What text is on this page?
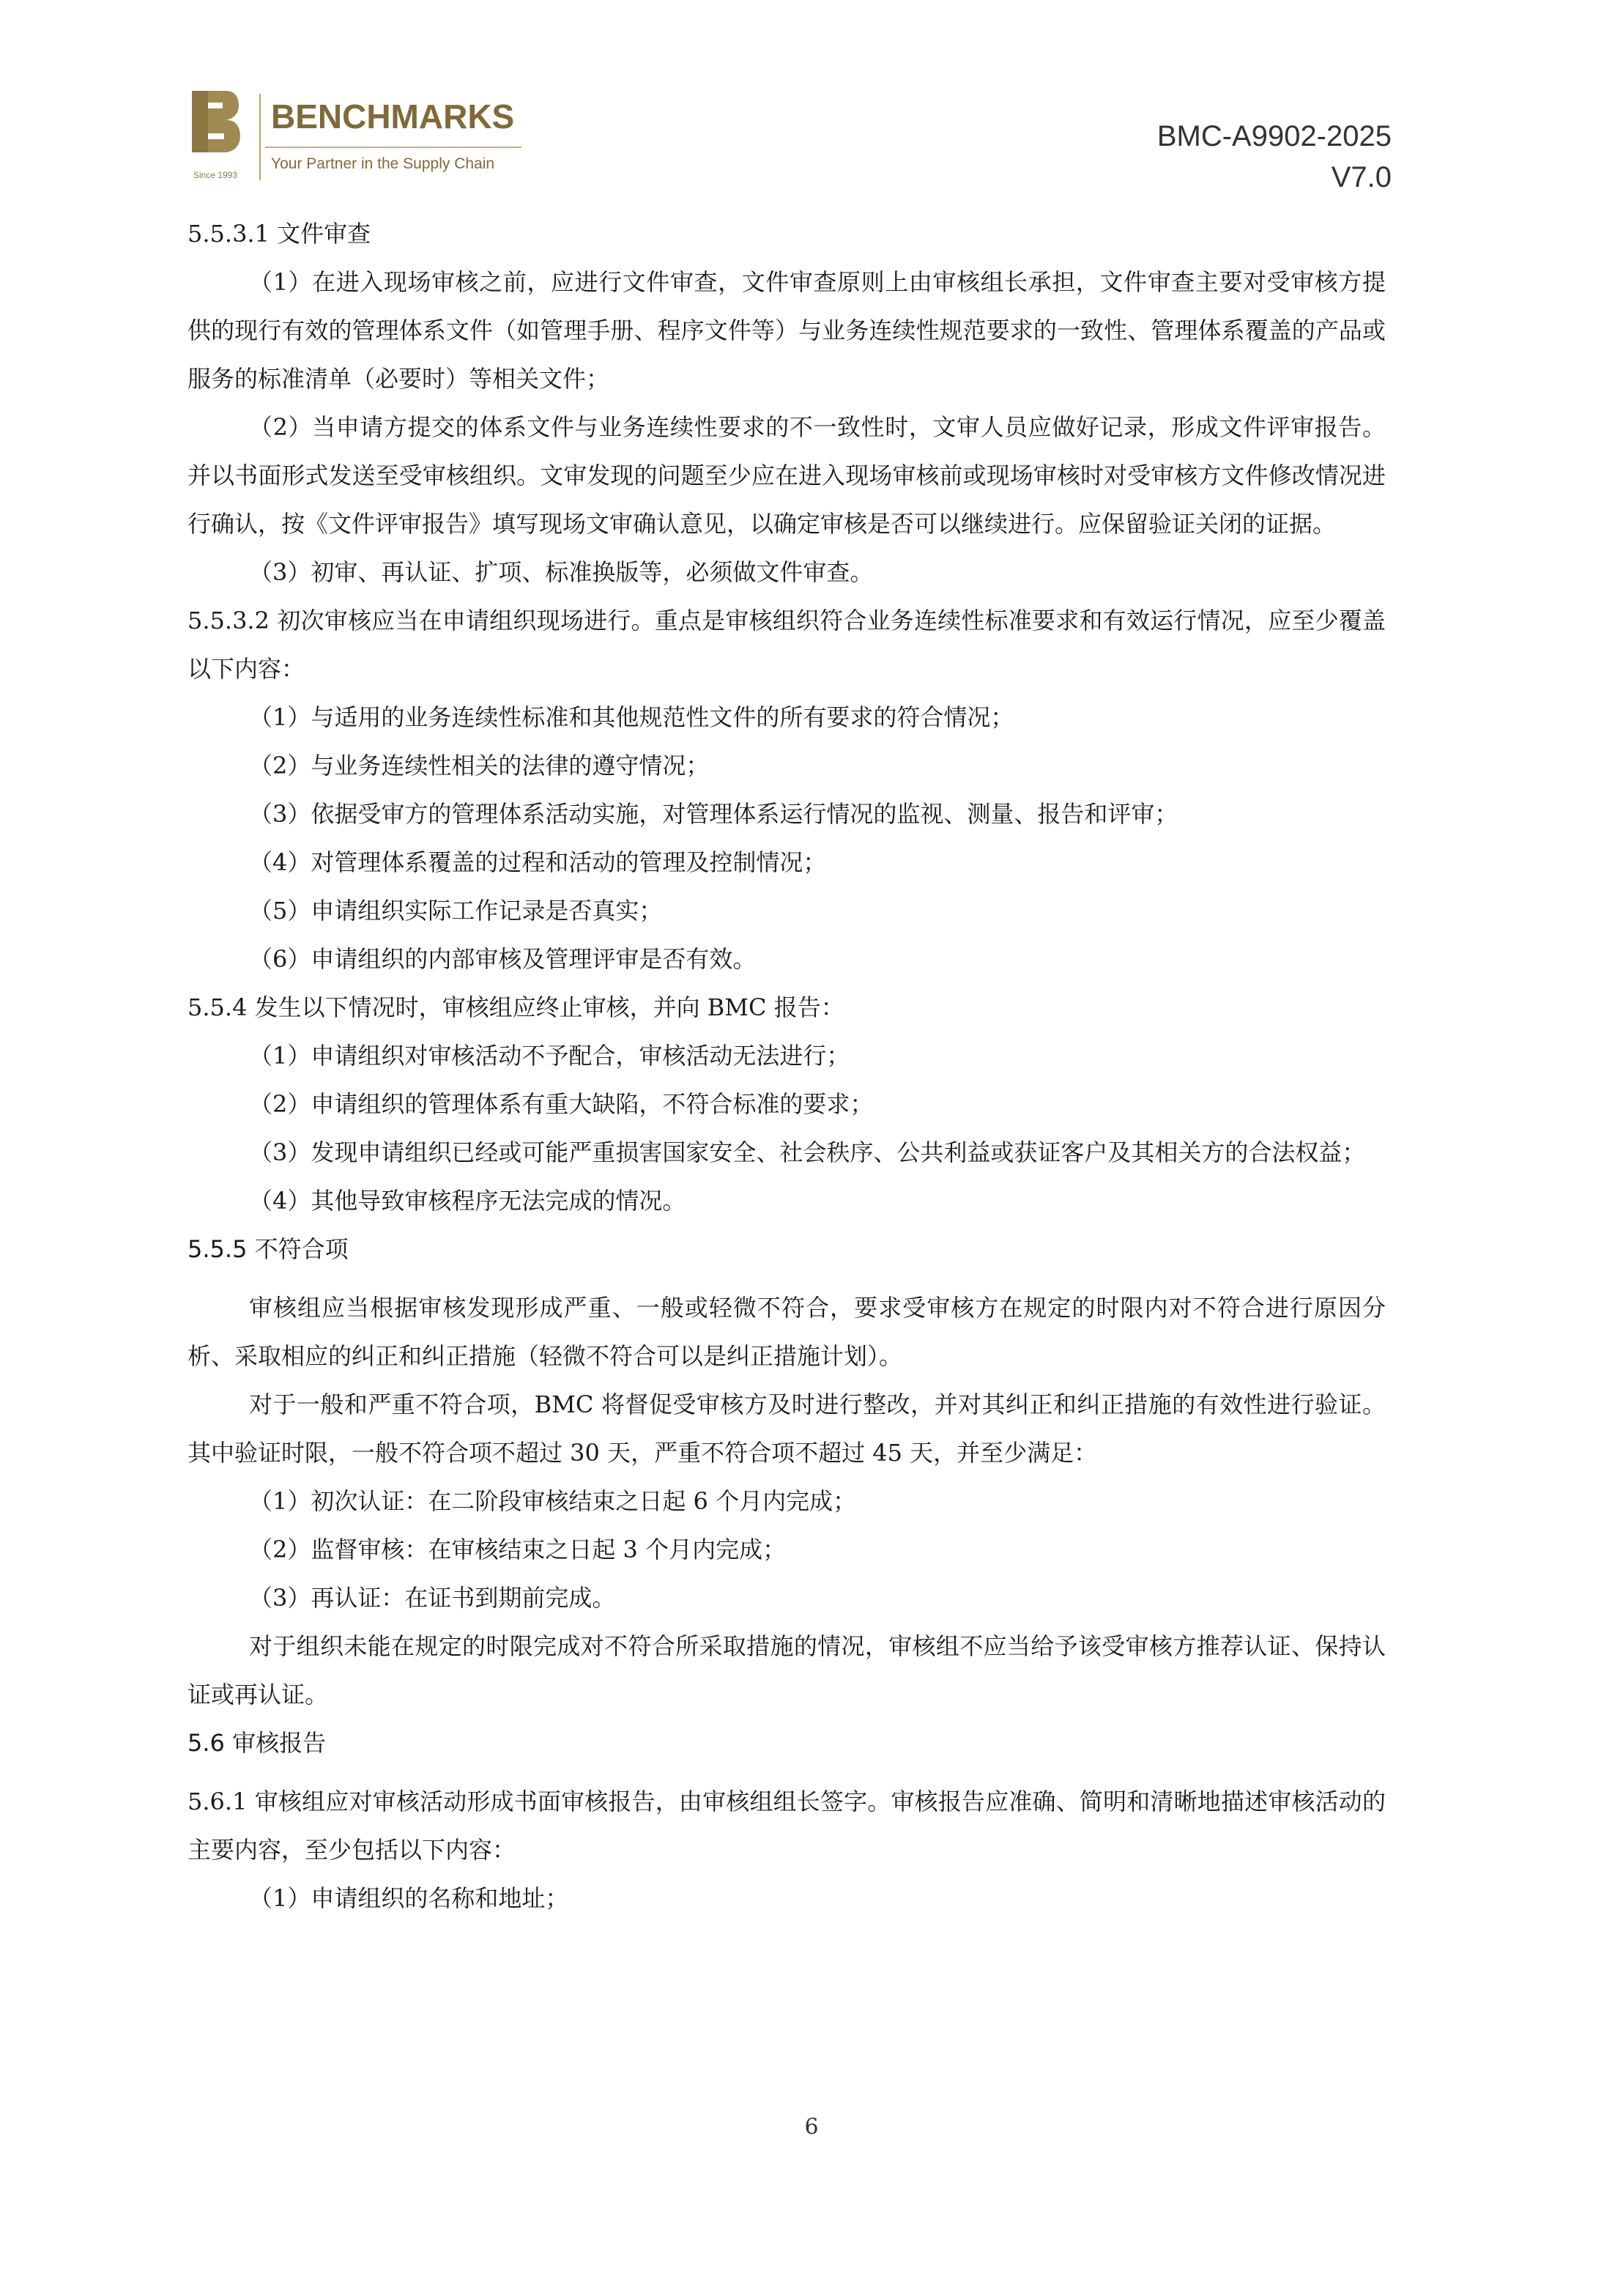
Since 1993
BENCHMARKS
Your Partner in the Supply Chain
BMC-A9902-2025
V7.0

5.5.3.1 文件审查

（1）在进入现场审核之前，应进行文件审查，文件审查原则上由审核组长承担，文件审查主要对受审核方提供的现行有效的管理体系文件（如管理手册、程序文件等）与业务连续性规范要求的一致性、管理体系覆盖的产品或服务的标准清单（必要时）等相关文件；

（2）当申请方提交的体系文件与业务连续性要求的不一致性时，文审人员应做好记录，形成文件评审报告。并以书面形式发送至受审核组织。文审发现的问题至少应在进入现场审核前或现场审核时对受审核方文件修改情况进行确认，按《文件评审报告》填写现场文审确认意见，以确定审核是否可以继续进行。应保留验证关闭的证据。

（3）初审、再认证、扩项、标准换版等，必须做文件审查。

5.5.3.2 初次审核应当在申请组织现场进行。重点是审核组织符合业务连续性标准要求和有效运行情况，应至少覆盖以下内容：

（1）与适用的业务连续性标准和其他规范性文件的所有要求的符合情况；

（2）与业务连续性相关的法律的遵守情况；

（3）依据受审方的管理体系活动实施，对管理体系运行情况的监视、测量、报告和评审；

（4）对管理体系覆盖的过程和活动的管理及控制情况；

（5）申请组织实际工作记录是否真实；

（6）申请组织的内部审核及管理评审是否有效。

5.5.4 发生以下情况时，审核组应终止审核，并向 BMC 报告：

（1）申请组织对审核活动不予配合，审核活动无法进行；

（2）申请组织的管理体系有重大缺陷，不符合标准的要求；

（3）发现申请组织已经或可能严重损害国家安全、社会秩序、公共利益或获证客户及其相关方的合法权益；

（4）其他导致审核程序无法完成的情况。

5.5.5 不符合项

审核组应当根据审核发现形成严重、一般或轻微不符合，要求受审核方在规定的时限内对不符合进行原因分析、采取相应的纠正和纠正措施（轻微不符合可以是纠正措施计划）。

对于一般和严重不符合项，BMC 将督促受审核方及时进行整改，并对其纠正和纠正措施的有效性进行验证。其中验证时限，一般不符合项不超过 30 天，严重不符合项不超过 45 天，并至少满足：

（1）初次认证：在二阶段审核结束之日起 6 个月内完成；

（2）监督审核：在审核结束之日起 3 个月内完成；

（3）再认证：在证书到期前完成。

对于组织未能在规定的时限完成对不符合所采取措施的情况，审核组不应当给予该受审核方推荐认证、保持认证或再认证。

5.6 审核报告

5.6.1 审核组应对审核活动形成书面审核报告，由审核组组长签字。审核报告应准确、简明和清晰地描述审核活动的主要内容，至少包括以下内容：

（1）申请组织的名称和地址；

6
